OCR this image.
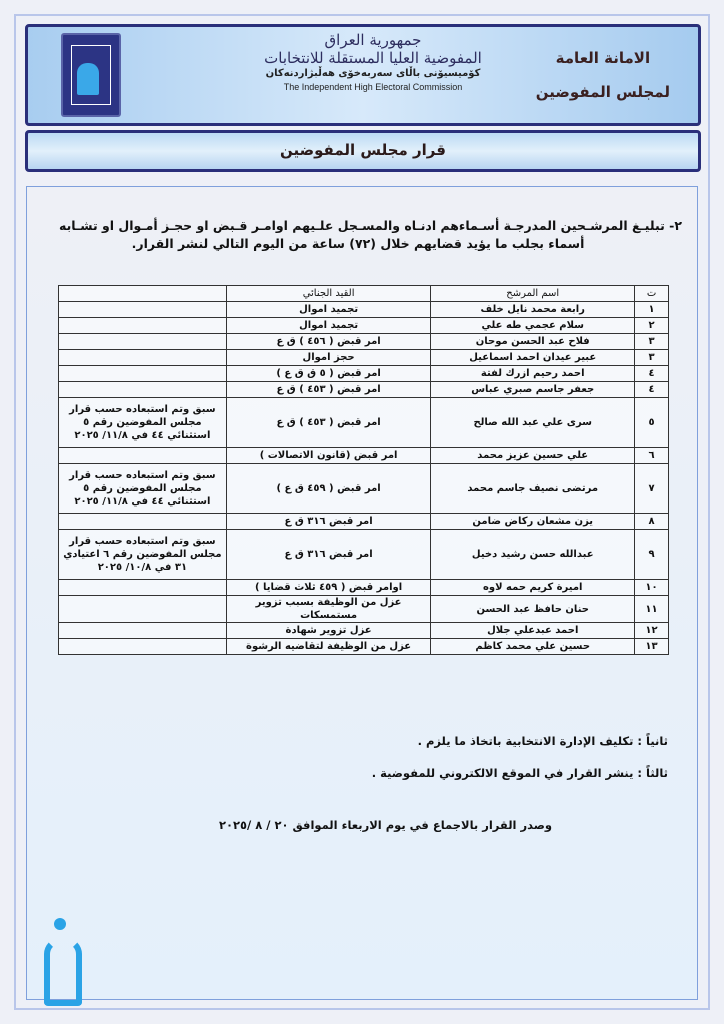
جمهورية العراق
المفوضية العليا المستقلة للانتخابات
كۆمیسیۆنی باڵای سەربەخۆی هەڵبژاردنەکان
The Independent High Electoral Commission
الامانة العامة
لمجلس المفوضين
قرار مجلس المفوضين
٢- تبليـغ المرشـحين المدرجـة أسـماءهم ادنـاه والمسـجل علـيهم اوامـر قـبض او حجـز أمـوال او تشـابه
أسماء بجلب ما يؤيد قضايهم خلال (٧٢) ساعة من اليوم التالي لنشر القرار.
ت	اسم المرشح	القيد الجنائي	
١	رابعة محمد نايل خلف	تجميد اموال	
٢	سلام عجمي طه علي	تجميد اموال	
٣	فلاح عبد الحسن موحان	امر قبض ( ٤٥٦ ) ق ع	
٣	عبير عيدان احمد اسماعيل	حجز اموال	
٤	احمد رحيم ازرك لفتة	امر قبض ( ٥ ق ق ع )	
٤	جعفر جاسم صبري عباس	امر قبض ( ٤٥٣ ) ق ع	
٥	سرى علي عبد الله صالح	امر قبض ( ٤٥٣ ) ق ع	سبق وتم استبعاده حسب قرار مجلس المفوضين رقم ٥ استثنائي ٤٤ في ١١/٨/ ٢٠٢٥
٦	علي حسين عزيز محمد	امر قبض (قانون الاتصالات )	
٧	مرتضى نصيف جاسم محمد	امر قبض ( ٤٥٩ ق ع )	سبق وتم استبعاده حسب قرار مجلس المفوضين رقم ٥ استثنائي ٤٤ في ١١/٨/ ٢٠٢٥
٨	يزن مشعان ركاض ضامن	امر قبض ٣١٦ ق ع	
٩	عبدالله حسن رشيد دخيل	امر قبض ٣١٦ ق ع	سبق وتم استبعاده حسب قرار مجلس المفوضين رقم ٦ اعتيادي ٣١ في ١٠/٨/ ٢٠٢٥
١٠	اميرة كريم حمه لاوه	اوامر قبض ( ٤٥٩ ثلاث قضايا )	
١١	حنان حافظ عبد الحسن	عزل من الوظيفة بسبب تزوير مستمسكات	
١٢	احمد عبدعلي جلال	عزل تزوير شهادة	
١٣	حسين علي محمد كاظم	عزل من الوظيفة لتقاضيه الرشوة	
ثانياً : تكليف الإدارة الانتخابية باتخاذ ما يلزم .
ثالثاً : ينشر القرار في الموقع الالكتروني للمفوضية .
وصدر القرار بالاجماع في يوم الاربعاء الموافق ٢٠ / ٨ /٢٠٢٥
